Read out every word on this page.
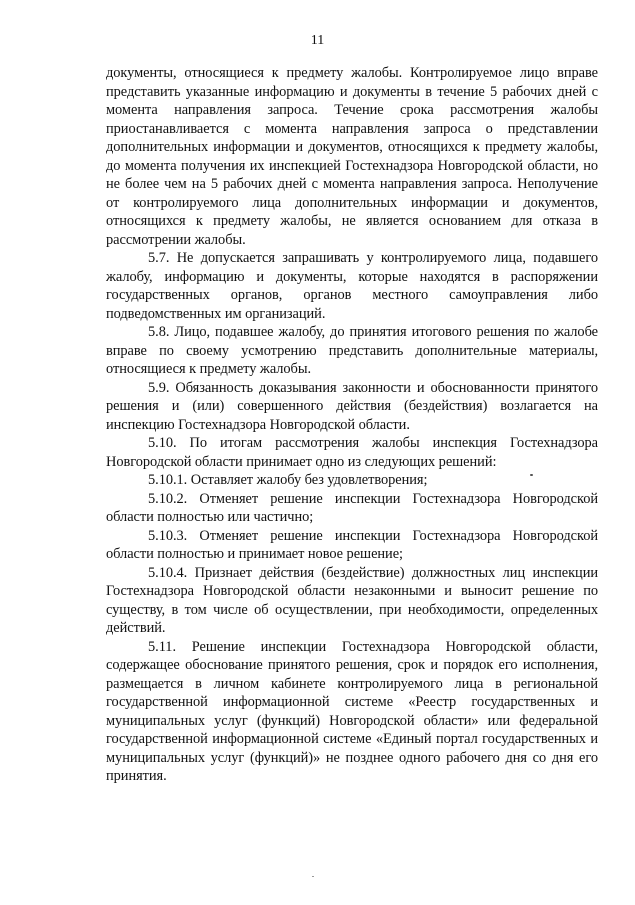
11

документы, относящиеся к предмету жалобы. Контролируемое лицо вправе представить указанные информацию и документы в течение 5 рабочих дней с момента направления запроса. Течение срока рассмотрения жалобы приостанавливается с момента направления запроса о представлении дополнительных информации и документов, относящихся к предмету жалобы, до момента получения их инспекцией Гостехнадзора Новгородской области, но не более чем на 5 рабочих дней с момента направления запроса. Неполучение от контролируемого лица дополнительных информации и документов, относящихся к предмету жалобы, не является основанием для отказа в рассмотрении жалобы.

5.7. Не допускается запрашивать у контролируемого лица, подавшего жалобу, информацию и документы, которые находятся в распоряжении государственных органов, органов местного самоуправления либо подведомственных им организаций.

5.8. Лицо, подавшее жалобу, до принятия итогового решения по жалобе вправе по своему усмотрению представить дополнительные материалы, относящиеся к предмету жалобы.

5.9. Обязанность доказывания законности и обоснованности принятого решения и (или) совершенного действия (бездействия) возлагается на инспекцию Гостехнадзора Новгородской области.

5.10. По итогам рассмотрения жалобы инспекция Гостехнадзора Новгородской области принимает одно из следующих решений:

5.10.1. Оставляет жалобу без удовлетворения;

5.10.2. Отменяет решение инспекции Гостехнадзора Новгородской области полностью или частично;

5.10.3. Отменяет решение инспекции Гостехнадзора Новгородской области полностью и принимает новое решение;

5.10.4. Признает действия (бездействие) должностных лиц инспекции Гостехнадзора Новгородской области незаконными и выносит решение по существу, в том числе об осуществлении, при необходимости, определенных действий.

5.11. Решение инспекции Гостехнадзора Новгородской области, содержащее обоснование принятого решения, срок и порядок его исполнения, размещается в личном кабинете контролируемого лица в региональной государственной информационной системе «Реестр государственных и муниципальных услуг (функций) Новгородской области» или федеральной государственной информационной системе «Единый портал государственных и муниципальных услуг (функций)» не позднее одного рабочего дня со дня его принятия.
